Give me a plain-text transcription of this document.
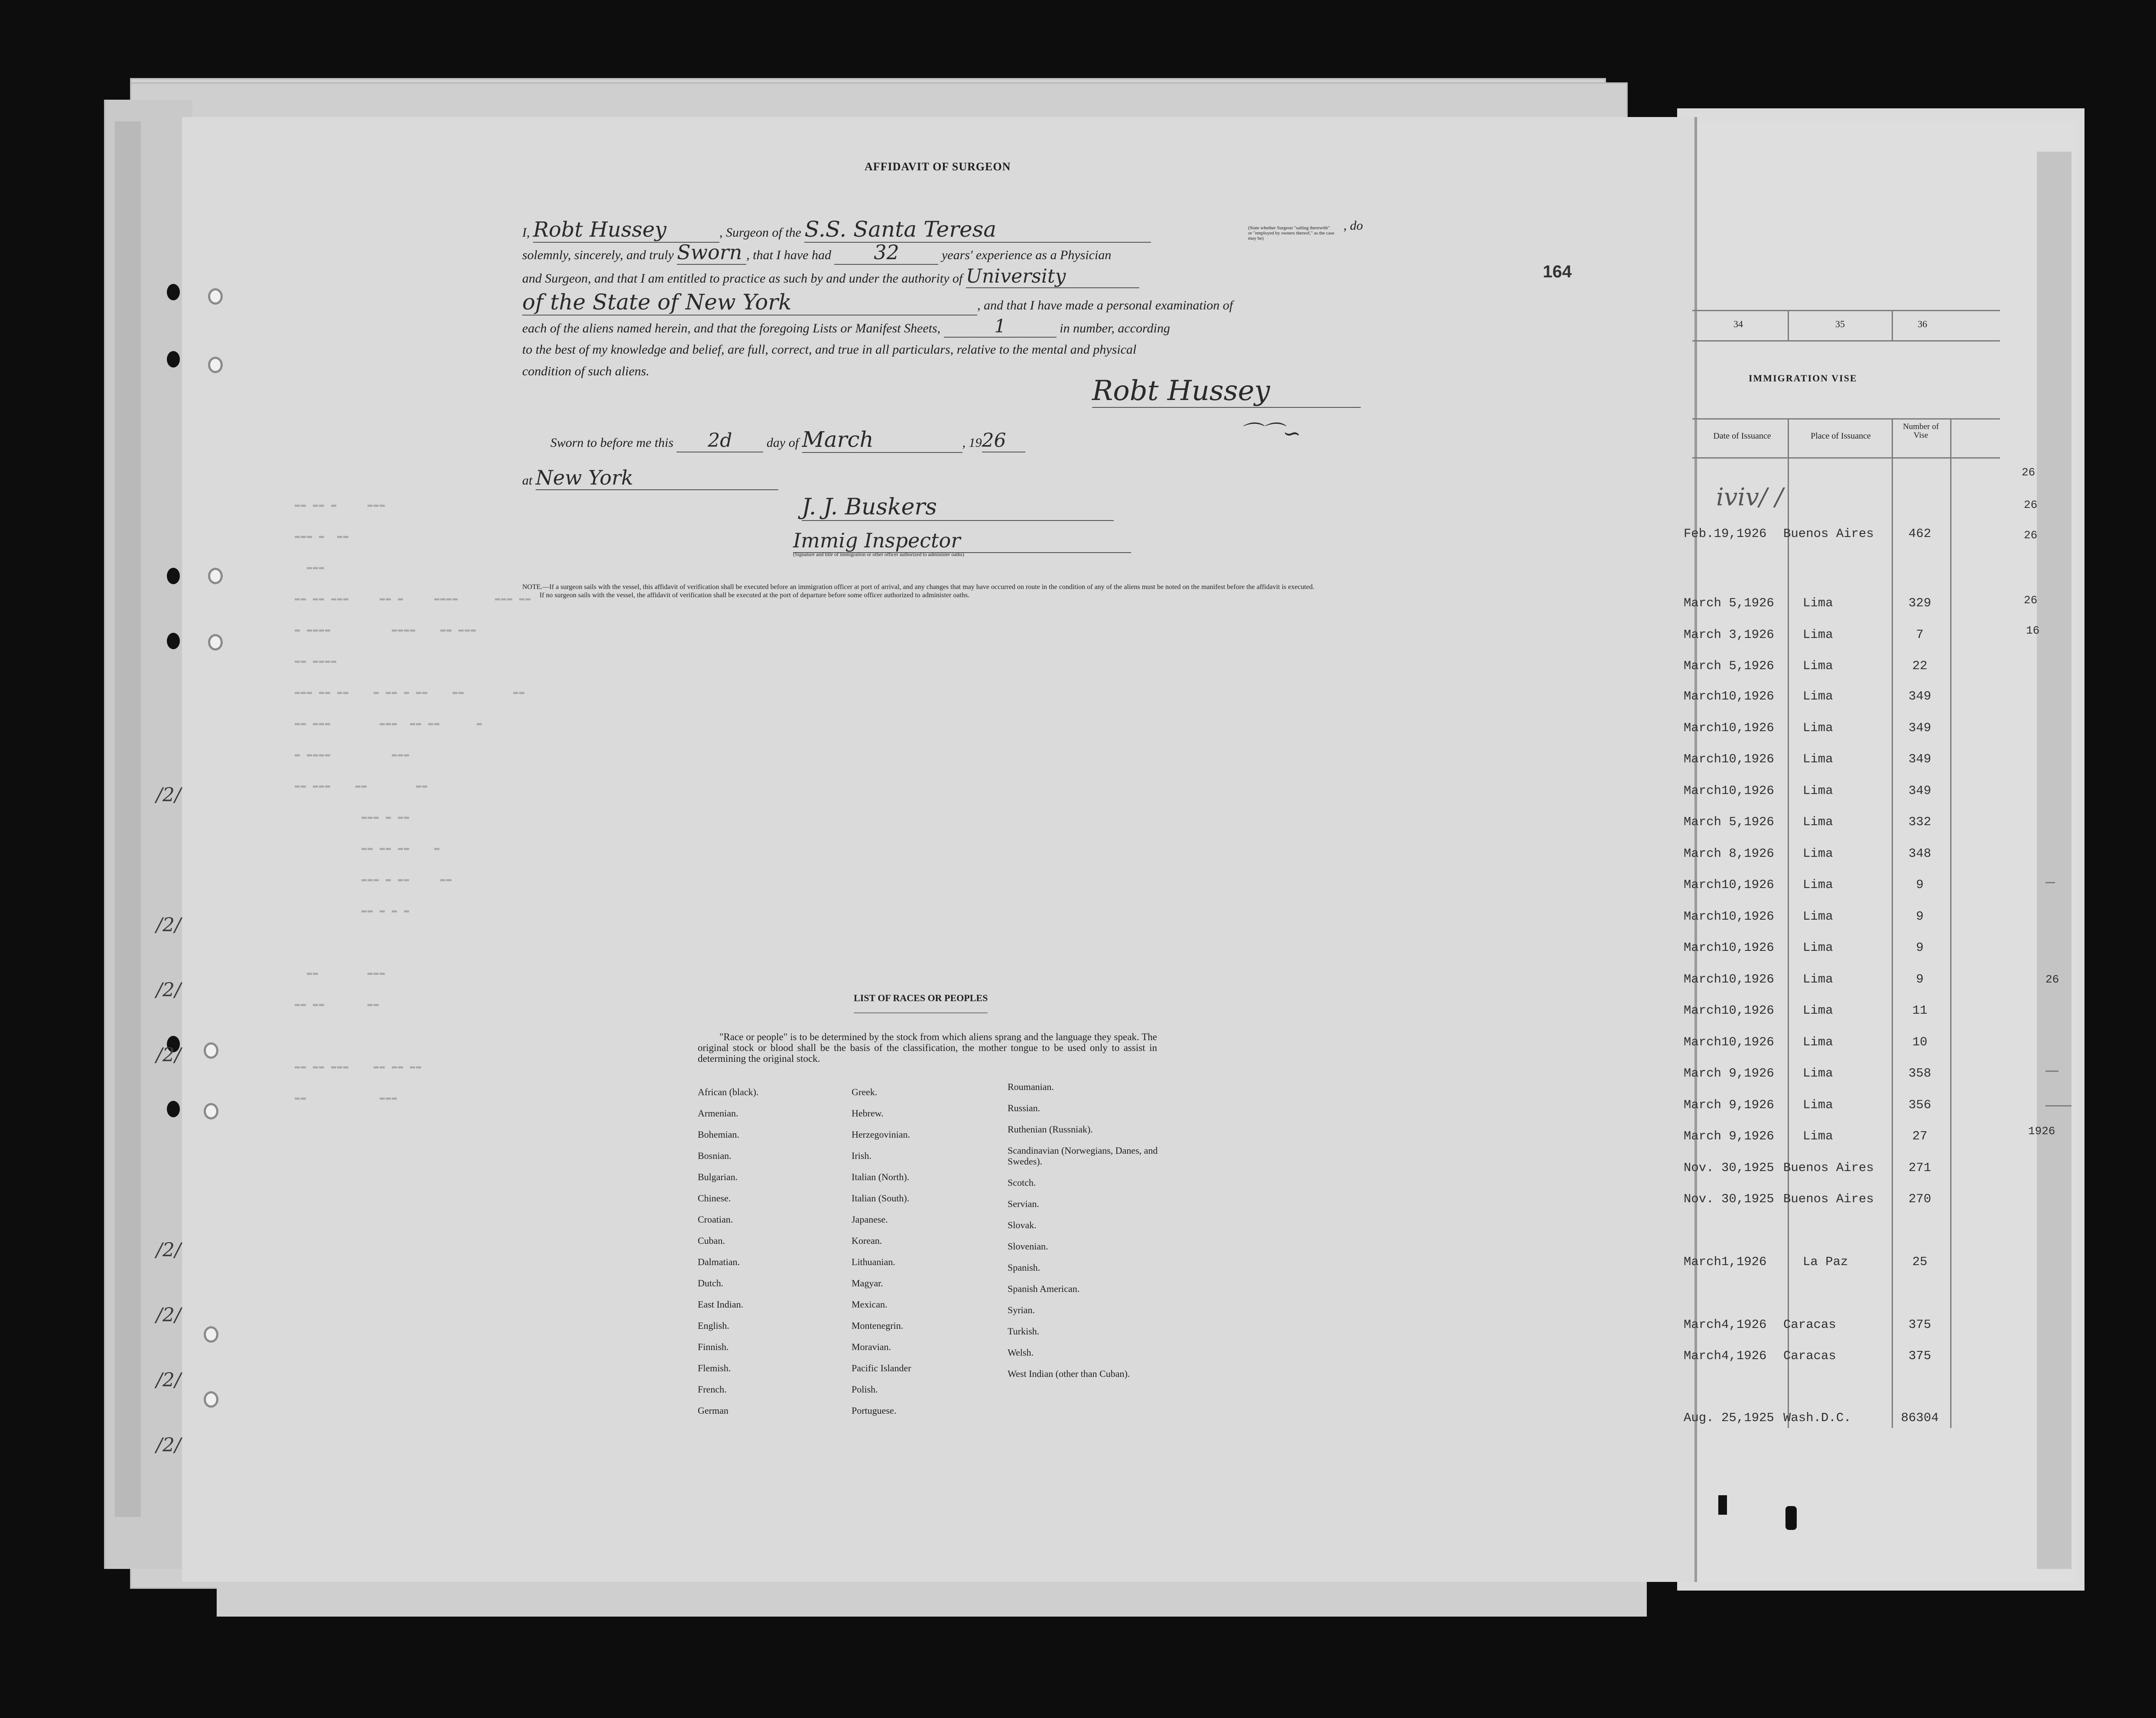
▬▬ ▬▬ ▬     ▬▬▬
▬▬▬ ▬  ▬▬
▬▬▬
▬▬ ▬▬ ▬▬▬     ▬▬ ▬     ▬▬▬▬      ▬▬▬ ▬▬
▬ ▬▬▬▬          ▬▬▬▬    ▬▬ ▬▬▬
▬▬ ▬▬▬▬
▬▬▬ ▬▬ ▬▬    ▬ ▬▬ ▬ ▬▬    ▬▬        ▬▬
▬▬ ▬▬▬        ▬▬▬  ▬▬ ▬▬      ▬
▬ ▬▬▬▬          ▬▬▬
▬▬ ▬▬▬    ▬▬        ▬▬
▬▬▬ ▬ ▬▬
▬▬ ▬▬ ▬▬    ▬
▬▬▬ ▬ ▬▬     ▬▬
▬▬ ▬ ▬ ▬

▬▬        ▬▬▬
▬▬ ▬▬       ▬▬

▬▬ ▬▬ ▬▬▬    ▬▬ ▬▬ ▬▬
▬▬            ▬▬▬
/2/

/2/
/2/
/2/

/2/
/2/
/2/
/2/
AFFIDAVIT OF SURGEON
164
I, Robt Hussey	, Surgeon of the S.S. Santa Teresa	, do
(State whether Surgeon "sailing therewith" or "employed by owners thereof," as the case may be)
solemnly, sincerely, and truly Sworn , that I have had 32	years' experience as a Physician
and Surgeon, and that I am entitled to practice as such by and under the authority of University
of the State of New York	, and that I have made a personal examination of
each of the aliens named herein, and that the foregoing Lists or Manifest Sheets,	1	in number, according
to the best of my knowledge and belief, are full, correct, and true in all particulars, relative to the mental and physical
condition of such aliens.
Robt Hussey
⌒⌒∽
Sworn to before me this 2d	day of March	, 1926
at New York
J. J. Buskers
Immig Inspector
(Signature and title of immigration or other officer authorized to administer oaths)
NOTE.—If a surgeon sails with the vessel, this affidavit of verification shall be executed before an immigration officer at port of arrival, and any changes that may have occurred on route in the condition of any of the aliens must be noted on the manifest before the affidavit is executed.
If no surgeon sails with the vessel, the affidavit of verification shall be executed at the port of departure before some officer authorized to administer oaths.
LIST OF RACES OR PEOPLES
"Race or people" is to be determined by the stock from which aliens sprang and the language they speak. The original stock or blood shall be the basis of the classification, the mother tongue to be used only to assist in determining the original stock.
African (black).
Armenian.
Bohemian.
Bosnian.
Bulgarian.
Chinese.
Croatian.
Cuban.
Dalmatian.
Dutch.
East Indian.
English.
Finnish.
Flemish.
French.
German
Greek.
Hebrew.
Herzegovinian.
Irish.
Italian (North).
Italian (South).
Japanese.
Korean.
Lithuanian.
Magyar.
Mexican.
Montenegrin.
Moravian.
Pacific Islander
Polish.
Portuguese.
Roumanian.
Russian.
Ruthenian (Russniak).
Scandinavian (Norwegians, Danes, and Swedes).
Scotch.
Servian.
Slovak.
Slovenian.
Spanish.
Spanish American.
Syrian.
Turkish.
Welsh.
West Indian (other than Cuban).
34	35	36
IMMIGRATION VISE
Date of Issuance	Place of Issuance
Number of Vise
ⅳⅳ/ /
Feb.19,1926	Buenos Aires	462
March 5,1926	Lima	329
March 3,1926	Lima	7
March 5,1926	Lima	22
March10,1926	Lima	349
March10,1926	Lima	349
March10,1926	Lima	349
March10,1926	Lima	349
March 5,1926	Lima	332
March 8,1926	Lima	348
March10,1926	Lima	9
March10,1926	Lima	9
March10,1926	Lima	9
March10,1926	Lima	9
March10,1926	Lima	11
March10,1926	Lima	10
March 9,1926	Lima	358
March 9,1926	Lima	356
March 9,1926	Lima	27
Nov. 30,1925 Buenos Aires	271
Nov. 30,1925 Buenos Aires	270
March1,1926	La Paz	25
March4,1926	Caracas	375
March4,1926	Caracas	375
Aug. 25,1925 Wash.D.C.	86304
26
26
26
26
26
16
1926
